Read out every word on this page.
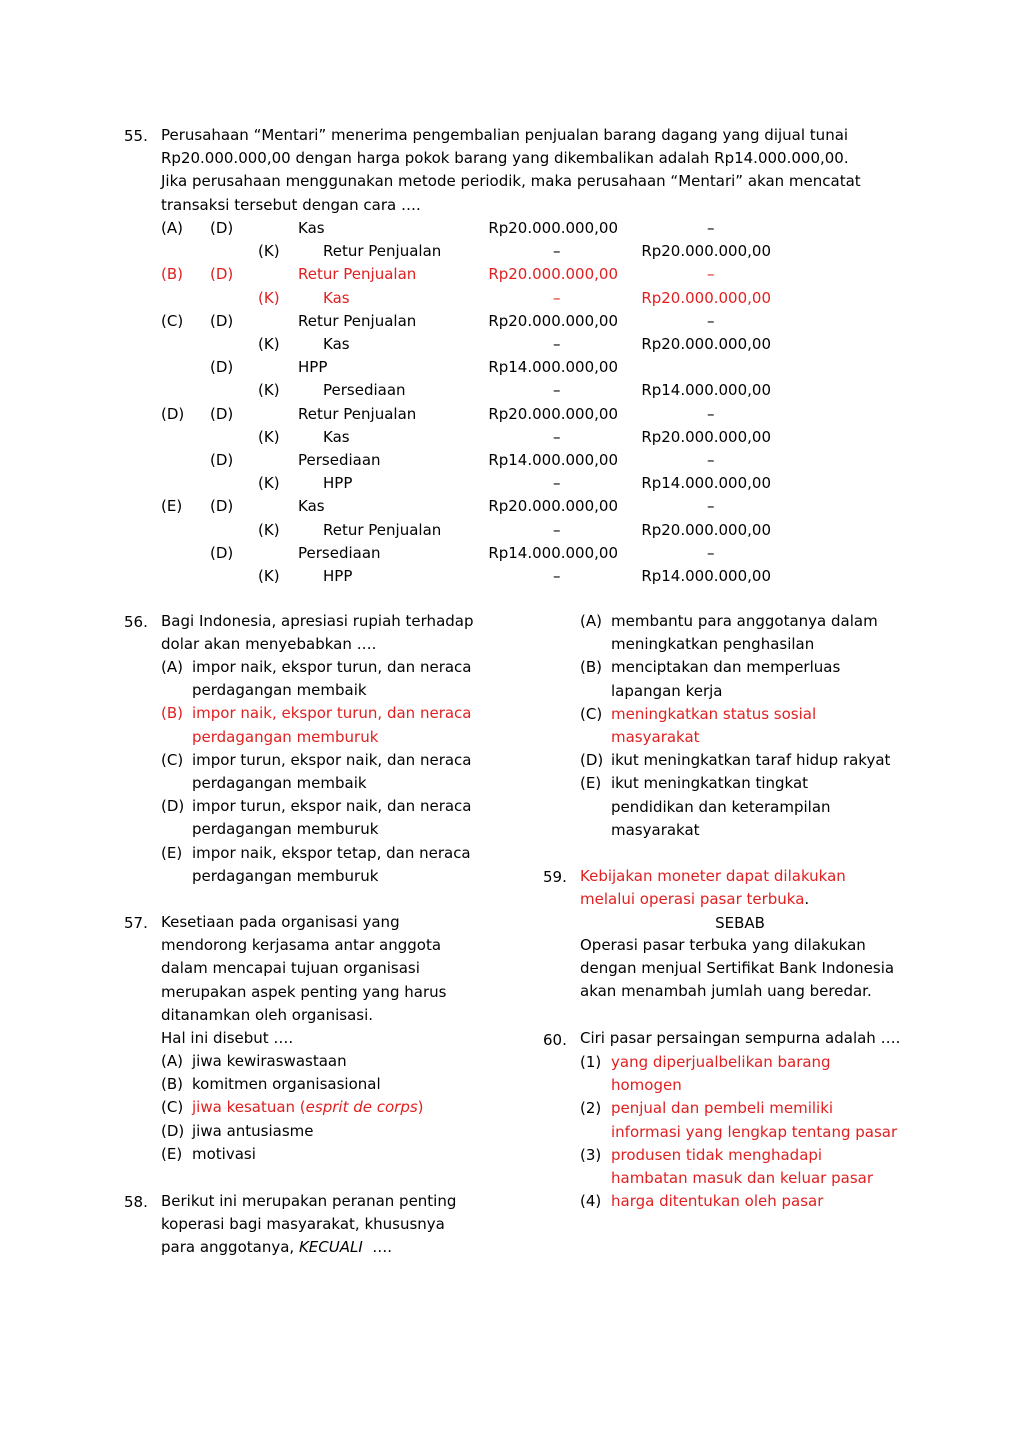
55. Perusahaan “Mentari” menerima pengembalian penjualan barang dagang yang dijual tunai
Rp20.000.000,00 dengan harga pokok barang yang dikembalikan adalah Rp14.000.000,00.
Jika perusahaan menggunakan metode periodik, maka perusahaan “Mentari” akan mencatat
transaksi tersebut dengan cara ….
(A) (D)	Kas	Rp20.000.000,00	–
(K)	Retur Penjualan	–	Rp20.000.000,00
(B) (D)	Retur Penjualan	Rp20.000.000,00	–
(K)	Kas	–	Rp20.000.000,00
(C) (D)	Retur Penjualan	Rp20.000.000,00	–
(K)	Kas	–	Rp20.000.000,00
(D)	HPP	Rp14.000.000,00
(K)	Persediaan	–	Rp14.000.000,00
(D) (D)	Retur Penjualan	Rp20.000.000,00	–
(K)	Kas	–	Rp20.000.000,00
(D)	Persediaan	Rp14.000.000,00	–
(K)	HPP	–	Rp14.000.000,00
(E) (D)	Kas	Rp20.000.000,00	–
(K)	Retur Penjualan	–	Rp20.000.000,00
(D)	Persediaan	Rp14.000.000,00	–
(K)	HPP	–	Rp14.000.000,00
56. Bagi Indonesia, apresiasi rupiah terhadap
dolar akan menyebabkan ….
(A)
(B)
(C)
(D)
(E)
impor naik, ekspor turun, dan neraca
perdagangan membaik
impor naik, ekspor turun, dan neraca
perdagangan memburuk
impor turun, ekspor naik, dan neraca
perdagangan membaik
impor turun, ekspor naik, dan neraca
perdagangan memburuk
impor naik, ekspor tetap, dan neraca
perdagangan memburuk
57. Kesetiaan pada organisasi yang
mendorong kerjasama antar anggota
dalam mencapai tujuan organisasi
merupakan aspek penting yang harus
ditanamkan oleh organisasi.
Hal ini disebut ….
(A)
(B)
(C)
(D)
(E)
jiwa kewiraswastaan
komitmen organisasional
jiwa kesatuan (esprit de corps)
jiwa antusiasme
motivasi
58. Berikut ini merupakan peranan penting
koperasi bagi masyarakat, khususnya
para anggotanya, KECUALI  ….
(A)
(B)
(C)
(D)
(E)
membantu para anggotanya dalam
meningkatkan penghasilan
menciptakan dan memperluas
lapangan kerja
meningkatkan status sosial
masyarakat
ikut meningkatkan taraf hidup rakyat
ikut meningkatkan tingkat
pendidikan dan keterampilan
masyarakat
59. Kebijakan moneter dapat dilakukan
melalui operasi pasar terbuka.
SEBAB
Operasi pasar terbuka yang dilakukan
dengan menjual Sertifikat Bank Indonesia
akan menambah jumlah uang beredar.
60. Ciri pasar persaingan sempurna adalah ….
(1)
(2)
(3)
(4)
yang diperjualbelikan barang
homogen
penjual dan pembeli memiliki
informasi yang lengkap tentang pasar
produsen tidak menghadapi
hambatan masuk dan keluar pasar
harga ditentukan oleh pasar
